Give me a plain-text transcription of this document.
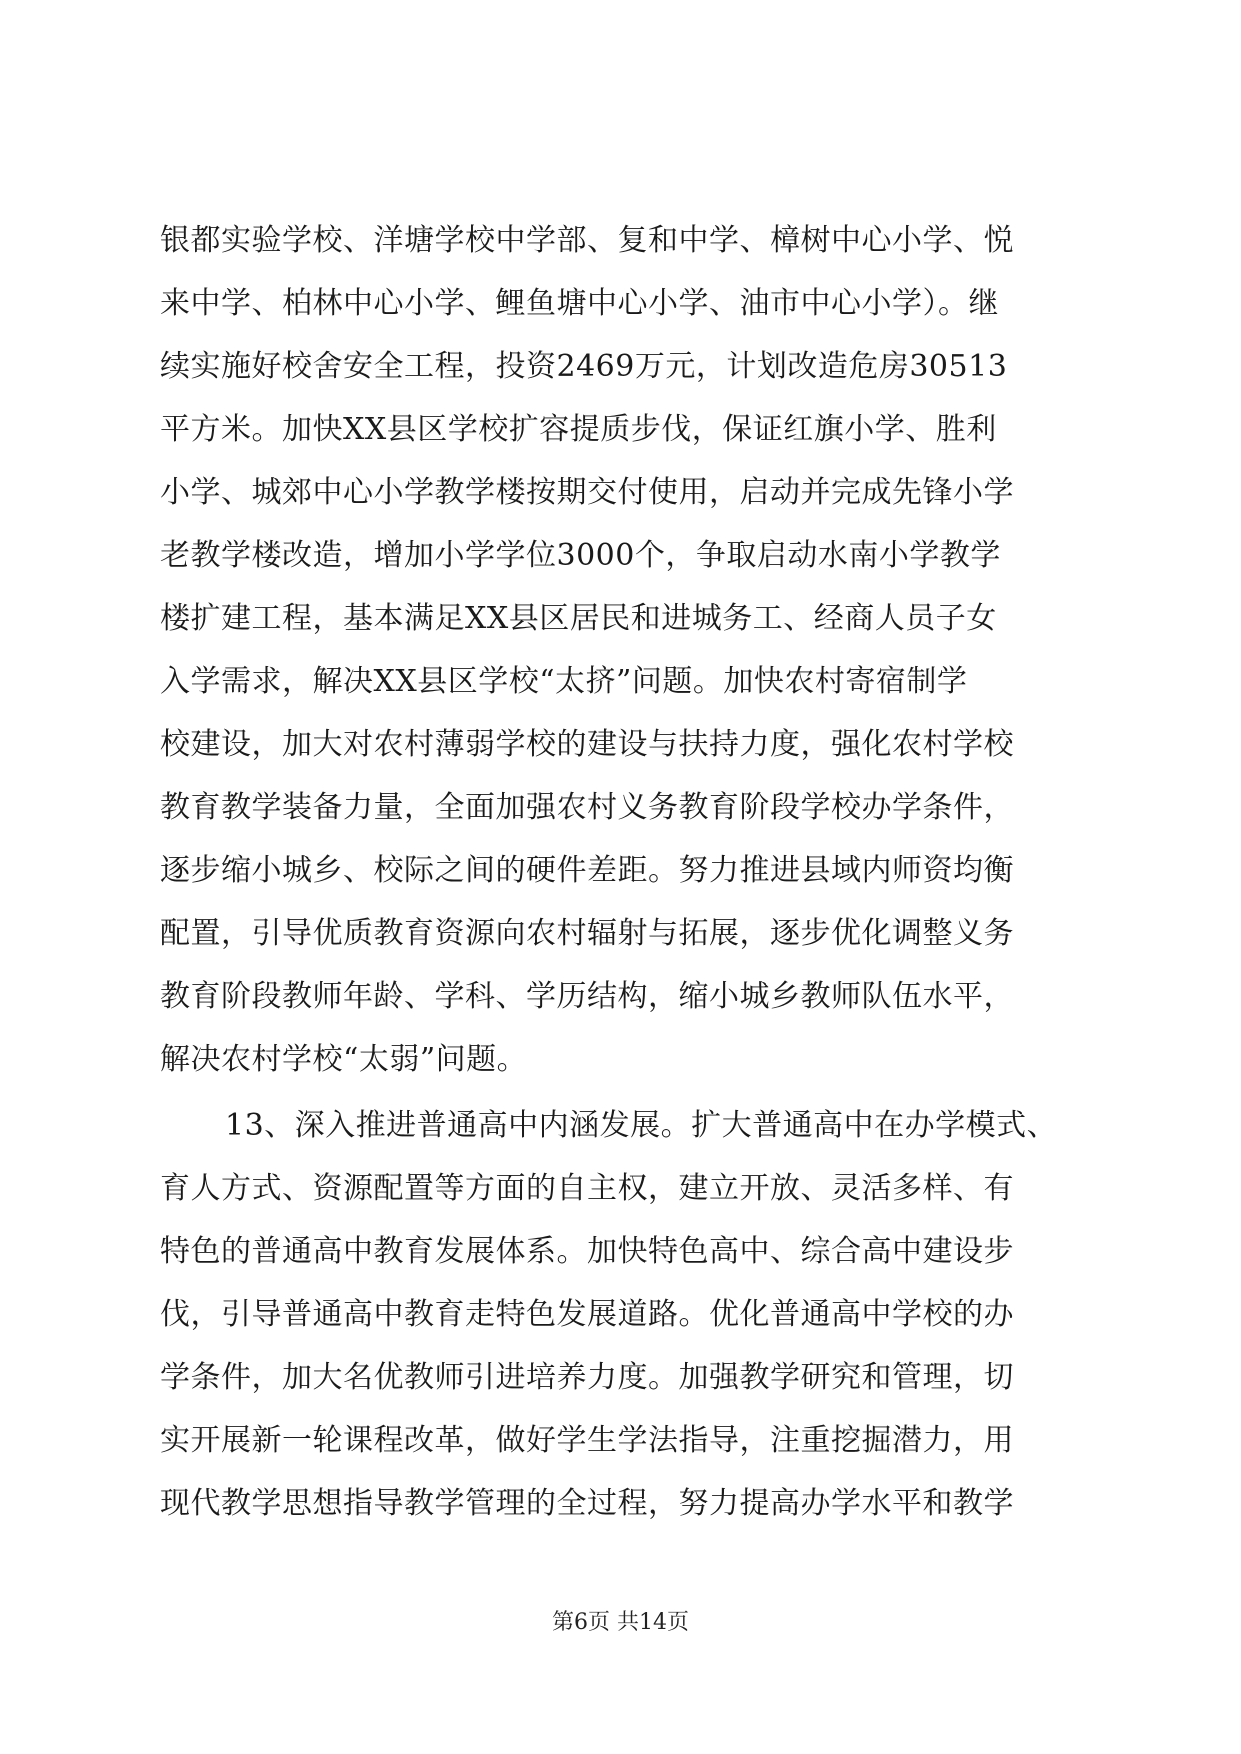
银都实验学校、洋塘学校中学部、复和中学、樟树中心小学、悦
来中学、柏林中心小学、鲤鱼塘中心小学、油市中心小学）。继
续实施好校舍安全工程，投资2469万元，计划改造危房30513
平方米。加快XX县区学校扩容提质步伐，保证红旗小学、胜利
小学、城郊中心小学教学楼按期交付使用，启动并完成先锋小学
老教学楼改造，增加小学学位3000个，争取启动水南小学教学
楼扩建工程，基本满足XX县区居民和进城务工、经商人员子女
入学需求，解决XX县区学校“太挤”问题。加快农村寄宿制学
校建设，加大对农村薄弱学校的建设与扶持力度，强化农村学校
教育教学装备力量，全面加强农村义务教育阶段学校办学条件，
逐步缩小城乡、校际之间的硬件差距。努力推进县域内师资均衡
配置，引导优质教育资源向农村辐射与拓展，逐步优化调整义务
教育阶段教师年龄、学科、学历结构，缩小城乡教师队伍水平，
解决农村学校“太弱”问题。
13、深入推进普通高中内涵发展。扩大普通高中在办学模式、
育人方式、资源配置等方面的自主权，建立开放、灵活多样、有
特色的普通高中教育发展体系。加快特色高中、综合高中建设步
伐，引导普通高中教育走特色发展道路。优化普通高中学校的办
学条件，加大名优教师引进培养力度。加强教学研究和管理，切
实开展新一轮课程改革，做好学生学法指导，注重挖掘潜力，用
现代教学思想指导教学管理的全过程，努力提高办学水平和教学
第6页 共14页
